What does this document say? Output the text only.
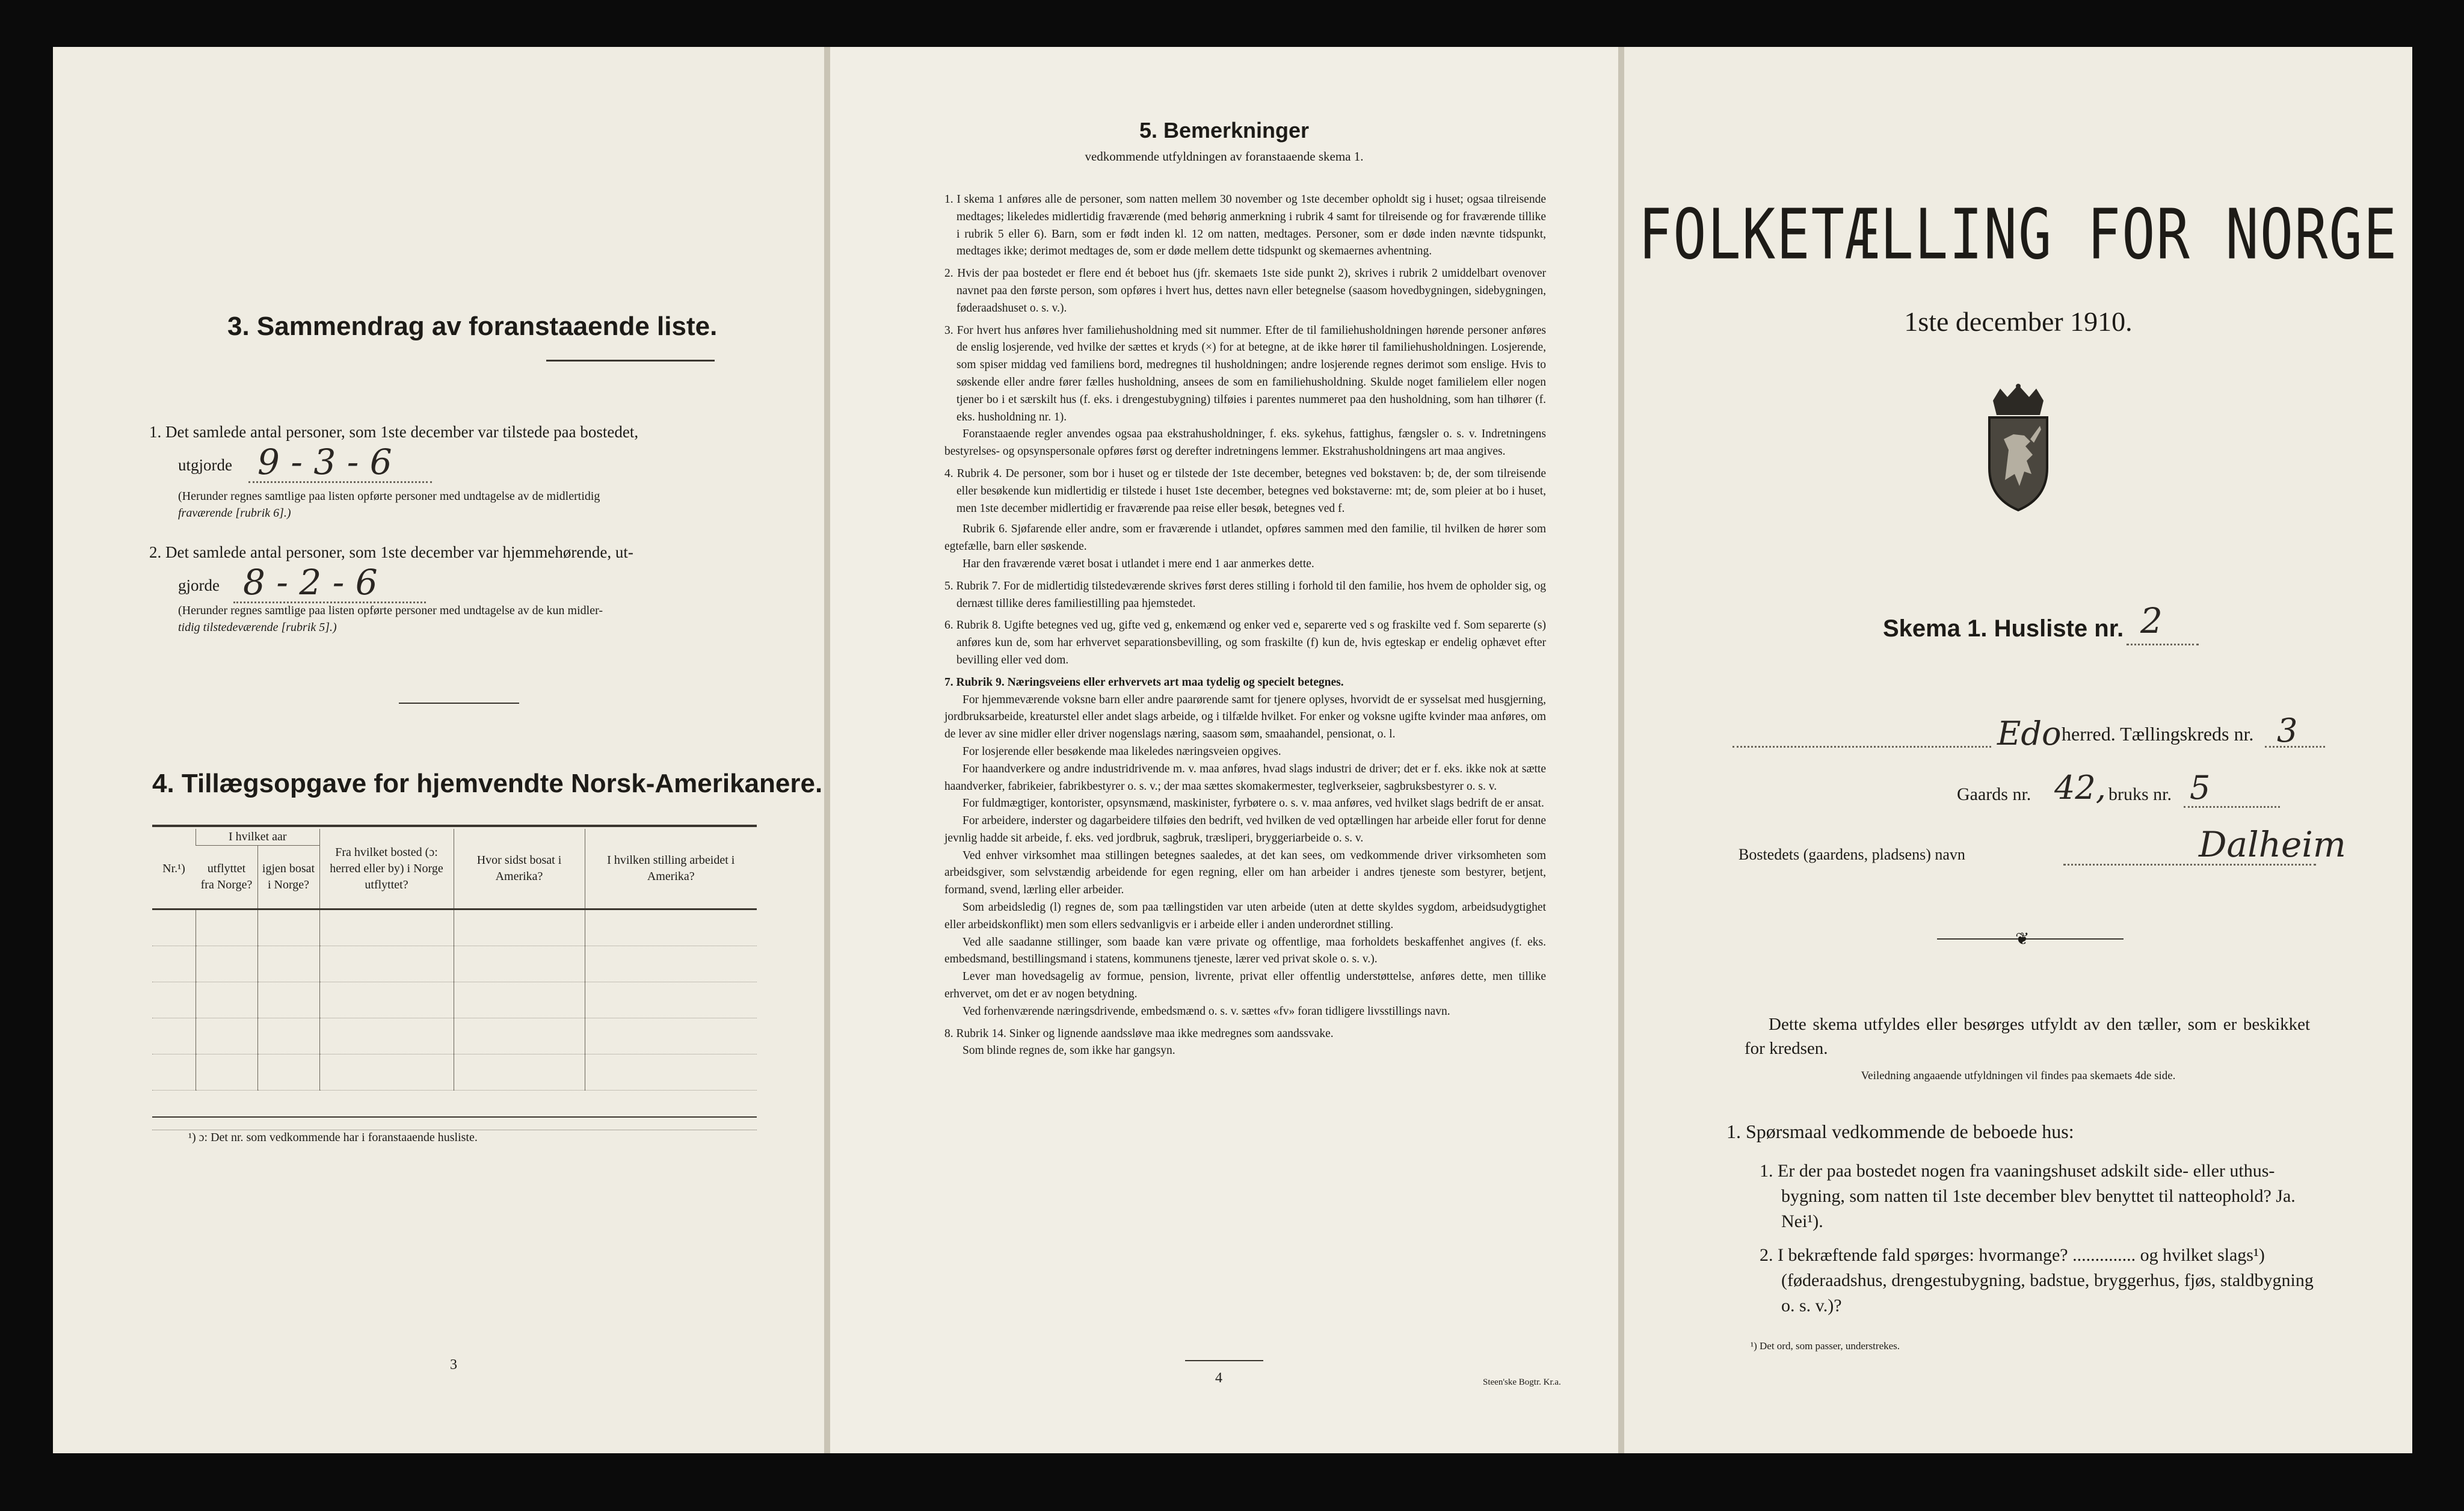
3. Sammendrag av foranstaaende liste.
1. Det samlede antal personer, som 1ste december var tilstede paa bostedet,
utgjorde 9 - 3 - 6
(Herunder regnes samtlige paa listen opførte personer med undtagelse av de midlertidig
fraværende [rubrik 6].)
2. Det samlede antal personer, som 1ste december var hjemmehørende, ut-
gjorde 8 - 2 - 6
(Herunder regnes samtlige paa listen opførte personer med undtagelse av de kun midler-
tidig tilstedeværende [rubrik 5].)
4. Tillægsopgave for hjemvendte Norsk-Amerikanere.
Nr.¹)	I hvilket aar		Fra hvilket bosted (ɔ: herred eller by) i Norge utflyttet?	Hvor sidst bosat i Amerika?	I hvilken stilling arbeidet i Amerika?
	utflyttet fra Norge?	igjen bosat i Norge?			

¹) ɔ: Det nr. som vedkommende har i foranstaaende husliste.
3
5. Bemerkninger
vedkommende utfyldningen av foranstaaende skema 1.

1. I skema 1 anføres alle de personer, som natten mellem 30 november og 1ste december opholdt sig i huset; ogsaa tilreisende medtages; likeledes midlertidig fraværende (med behørig anmerkning i rubrik 4 samt for tilreisende og for fraværende tillike i rubrik 5 eller 6). Barn, som er født inden kl. 12 om natten, medtages. Personer, som er døde inden nævnte tidspunkt, medtages ikke; derimot medtages de, som er døde mellem dette tidspunkt og skemaernes avhentning.

2. Hvis der paa bostedet er flere end ét beboet hus (jfr. skemaets 1ste side punkt 2), skrives i rubrik 2 umiddelbart ovenover navnet paa den første person, som opføres i hvert hus, dettes navn eller betegnelse (saasom hovedbygningen, sidebygningen, føderaadshuset o. s. v.).

3. For hvert hus anføres hver familiehusholdning med sit nummer. Efter de til familiehusholdningen hørende personer anføres de enslig losjerende, ved hvilke der sættes et kryds (×) for at betegne, at de ikke hører til familiehusholdningen. Losjerende, som spiser middag ved familiens bord, medregnes til husholdningen; andre losjerende regnes derimot som enslige. Hvis to søskende eller andre fører fælles husholdning, ansees de som en familiehusholdning. Skulde noget familielem eller nogen tjener bo i et særskilt hus (f. eks. i drengestubygning) tilføies i parentes nummeret paa den husholdning, som han tilhører (f. eks. husholdning nr. 1).

Foranstaaende regler anvendes ogsaa paa ekstrahusholdninger, f. eks. sykehus, fattighus, fængsler o. s. v. Indretningens bestyrelses- og opsynspersonale opføres først og derefter indretningens lemmer. Ekstrahusholdningens art maa angives.

4. Rubrik 4. De personer, som bor i huset og er tilstede der 1ste december, betegnes ved bokstaven: b; de, der som tilreisende eller besøkende kun midlertidig er tilstede i huset 1ste december, betegnes ved bokstaverne: mt; de, som pleier at bo i huset, men 1ste december midlertidig er fraværende paa reise eller besøk, betegnes ved f.

Rubrik 6. Sjøfarende eller andre, som er fraværende i utlandet, opføres sammen med den familie, til hvilken de hører som egtefælle, barn eller søskende.

Har den fraværende været bosat i utlandet i mere end 1 aar anmerkes dette.

5. Rubrik 7. For de midlertidig tilstedeværende skrives først deres stilling i forhold til den familie, hos hvem de opholder sig, og dernæst tillike deres familiestilling paa hjemstedet.

6. Rubrik 8. Ugifte betegnes ved ug, gifte ved g, enkemænd og enker ved e, separerte ved s og fraskilte ved f. Som separerte (s) anføres kun de, som har erhvervet separationsbevilling, og som fraskilte (f) kun de, hvis egteskap er endelig ophævet efter bevilling eller ved dom.

7. Rubrik 9. Næringsveiens eller erhvervets art maa tydelig og specielt betegnes.

For hjemmeværende voksne barn eller andre paarørende samt for tjenere oplyses, hvorvidt de er sysselsat med husgjerning, jordbruksarbeide, kreaturstel eller andet slags arbeide, og i tilfælde hvilket. For enker og voksne ugifte kvinder maa anføres, om de lever av sine midler eller driver nogenslags næring, saasom søm, smaahandel, pensionat, o. l.

For losjerende eller besøkende maa likeledes næringsveien opgives.

For haandverkere og andre industridrivende m. v. maa anføres, hvad slags industri de driver; det er f. eks. ikke nok at sætte haandverker, fabrikeier, fabrikbestyrer o. s. v.; der maa sættes skomakermester, teglverkseier, sagbruksbestyrer o. s. v.

For fuldmægtiger, kontorister, opsynsmænd, maskinister, fyrbøtere o. s. v. maa anføres, ved hvilket slags bedrift de er ansat.

For arbeidere, inderster og dagarbeidere tilføies den bedrift, ved hvilken de ved optællingen har arbeide eller forut for denne jevnlig hadde sit arbeide, f. eks. ved jordbruk, sagbruk, træsliperi, bryggeriarbeide o. s. v.

Ved enhver virksomhet maa stillingen betegnes saaledes, at det kan sees, om vedkommende driver virksomheten som arbeidsgiver, som selvstændig arbeidende for egen regning, eller om han arbeider i andres tjeneste som bestyrer, betjent, formand, svend, lærling eller arbeider.

Som arbeidsledig (l) regnes de, som paa tællingstiden var uten arbeide (uten at dette skyldes sygdom, arbeidsudygtighet eller arbeidskonflikt) men som ellers sedvanligvis er i arbeide eller i anden underordnet stilling.

Ved alle saadanne stillinger, som baade kan være private og offentlige, maa forholdets beskaffenhet angives (f. eks. embedsmand, bestillingsmand i statens, kommunens tjeneste, lærer ved privat skole o. s. v.).

Lever man hovedsagelig av formue, pension, livrente, privat eller offentlig understøttelse, anføres dette, men tillike erhvervet, om det er av nogen betydning.

Ved forhenværende næringsdrivende, embedsmænd o. s. v. sættes «fv» foran tidligere livsstillings navn.

8. Rubrik 14. Sinker og lignende aandssløve maa ikke medregnes som aandssvake.

Som blinde regnes de, som ikke har gangsyn.

4	Steen'ske Bogtr. Kr.a.
FOLKETÆLLING FOR NORGE
1ste december 1910.
Skema 1. Husliste nr. 2
Edo herred. Tællingskreds nr. 3
Gaards nr. 42, bruks nr. 5
Bostedets (gaardens, pladsens) navn	Dalheim
❦
Dette skema utfyldes eller besørges utfyldt av den tæller, som er beskikket for kredsen.
Veiledning angaaende utfyldningen vil findes paa skemaets 4de side.
1. Spørsmaal vedkommende de beboede hus:
1. Er der paa bostedet nogen fra vaaningshuset adskilt side- eller uthus-bygning, som natten til 1ste december blev benyttet til natteophold? Ja. Nei¹).
2. I bekræftende fald spørges: hvormange? .............. og hvilket slags¹) (føderaadshus, drengestubygning, badstue, bryggerhus, fjøs, staldbygning o. s. v.)?
¹) Det ord, som passer, understrekes.
